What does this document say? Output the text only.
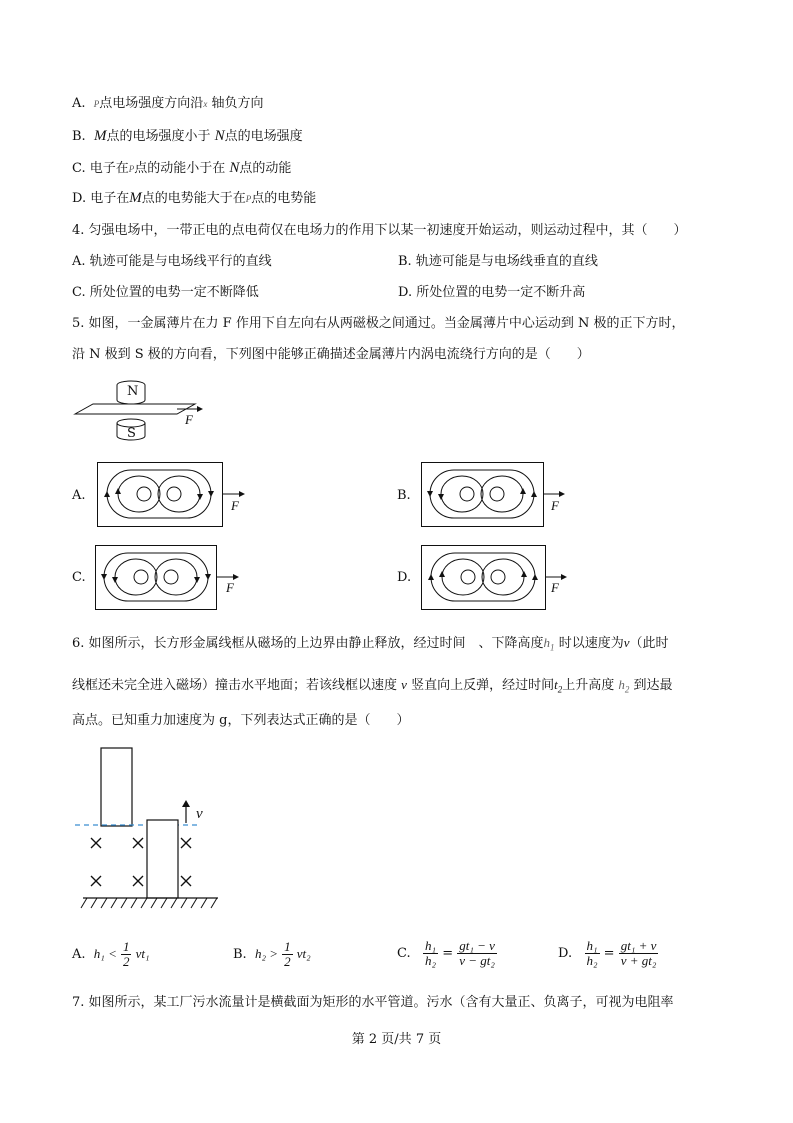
A. P点电场强度方向沿x 轴负方向
B. M点的电场强度小于 N点的电场强度
C. 电子在P点的动能小于在 N点的动能
D. 电子在M点的电势能大于在P点的电势能
4. 匀强电场中，一带正电的点电荷仅在电场力的作用下以某一初速度开始运动，则运动过程中，其（　　）
A. 轨迹可能是与电场线平行的直线	B. 轨迹可能是与电场线垂直的直线
C. 所处位置的电势一定不断降低	D. 所处位置的电势一定不断升高
5. 如图，一金属薄片在力 F 作用下自左向右从两磁极之间通过。当金属薄片中心运动到 N 极的正下方时，
沿 N 极到 S 极的方向看，下列图中能够正确描述金属薄片内涡电流绕行方向的是（　　）
N
S
F
A.
F
B.
F
C.
F
D.
F
6. 如图所示，长方形金属线框从磁场的上边界由静止释放，经过时间　、下降高度$h_1$ 时以速度为v（此时
线框还未完全进入磁场）撞击水平地面；若该线框以速度 v 竖直向上反弹，经过时间$t_2$上升高度 $h_2$ 到达最
高点。已知重力加速度为 g，下列表达式正确的是（　　）
v
A. $h_1 < \frac{1}{2} vt_1$	B. $h_2 > \frac{1}{2} vt_2$	C. $\frac{\text{h₁}}{\text{h₂}} = \frac{\text{gt₁ − v}}{\text{v − gt₂}}$	D. $\frac{\text{h₁}}{\text{h₂}} = \frac{\text{gt₁ + v}}{\text{v + gt₂}}$
7. 如图所示，某工厂污水流量计是横截面为矩形的水平管道。污水（含有大量正、负离子，可视为电阻率
第 2 页/共 7 页
